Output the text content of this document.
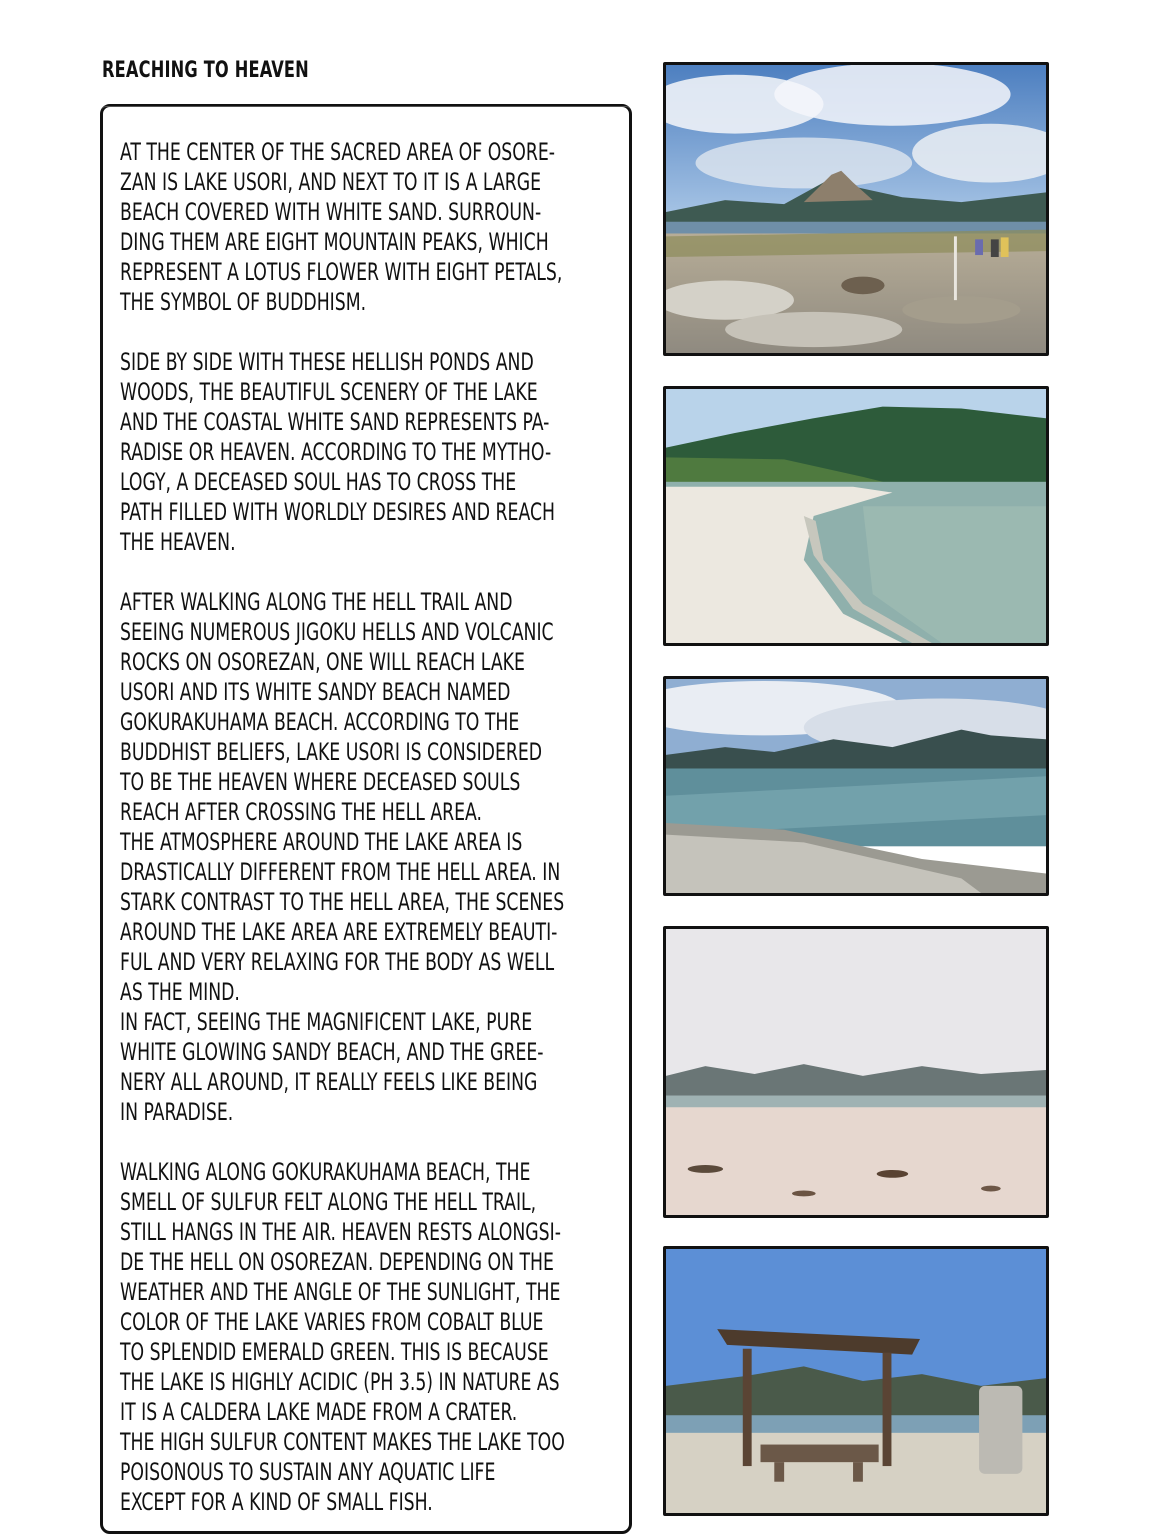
REACHING TO HEAVEN
AT THE CENTER OF THE SACRED AREA OF OSORE-
ZAN IS LAKE USORI, AND NEXT TO IT IS A LARGE
BEACH COVERED WITH WHITE SAND. SURROUN-
DING THEM ARE EIGHT MOUNTAIN PEAKS, WHICH
REPRESENT A LOTUS FLOWER WITH EIGHT PETALS,
THE SYMBOL OF BUDDHISM.
SIDE BY SIDE WITH THESE HELLISH PONDS AND
WOODS, THE BEAUTIFUL SCENERY OF THE LAKE
AND THE COASTAL WHITE SAND REPRESENTS PA-
RADISE OR HEAVEN. ACCORDING TO THE MYTHO-
LOGY, A DECEASED SOUL HAS TO CROSS THE
PATH FILLED WITH WORLDLY DESIRES AND REACH
THE HEAVEN.
AFTER WALKING ALONG THE HELL TRAIL AND
SEEING NUMEROUS JIGOKU HELLS AND VOLCANIC
ROCKS ON OSOREZAN, ONE WILL REACH LAKE
USORI AND ITS WHITE SANDY BEACH NAMED
GOKURAKUHAMA BEACH. ACCORDING TO THE
BUDDHIST BELIEFS, LAKE USORI IS CONSIDERED
TO BE THE HEAVEN WHERE DECEASED SOULS
REACH AFTER CROSSING THE HELL AREA.
THE ATMOSPHERE AROUND THE LAKE AREA IS
DRASTICALLY DIFFERENT FROM THE HELL AREA. IN
STARK CONTRAST TO THE HELL AREA, THE SCENES
AROUND THE LAKE AREA ARE EXTREMELY BEAUTI-
FUL AND VERY RELAXING FOR THE BODY AS WELL
AS THE MIND.
IN FACT, SEEING THE MAGNIFICENT LAKE, PURE
WHITE GLOWING SANDY BEACH, AND THE GREE-
NERY ALL AROUND, IT REALLY FEELS LIKE BEING
IN PARADISE.
WALKING ALONG GOKURAKUHAMA BEACH, THE
SMELL OF SULFUR FELT ALONG THE HELL TRAIL,
STILL HANGS IN THE AIR. HEAVEN RESTS ALONGSI-
DE THE HELL ON OSOREZAN. DEPENDING ON THE
WEATHER AND THE ANGLE OF THE SUNLIGHT, THE
COLOR OF THE LAKE VARIES FROM COBALT BLUE
TO SPLENDID EMERALD GREEN. THIS IS BECAUSE
THE LAKE IS HIGHLY ACIDIC (PH 3.5) IN NATURE AS
IT IS A CALDERA LAKE MADE FROM A CRATER.
THE HIGH SULFUR CONTENT MAKES THE LAKE TOO
POISONOUS TO SUSTAIN ANY AQUATIC LIFE
EXCEPT FOR A KIND OF SMALL FISH.
